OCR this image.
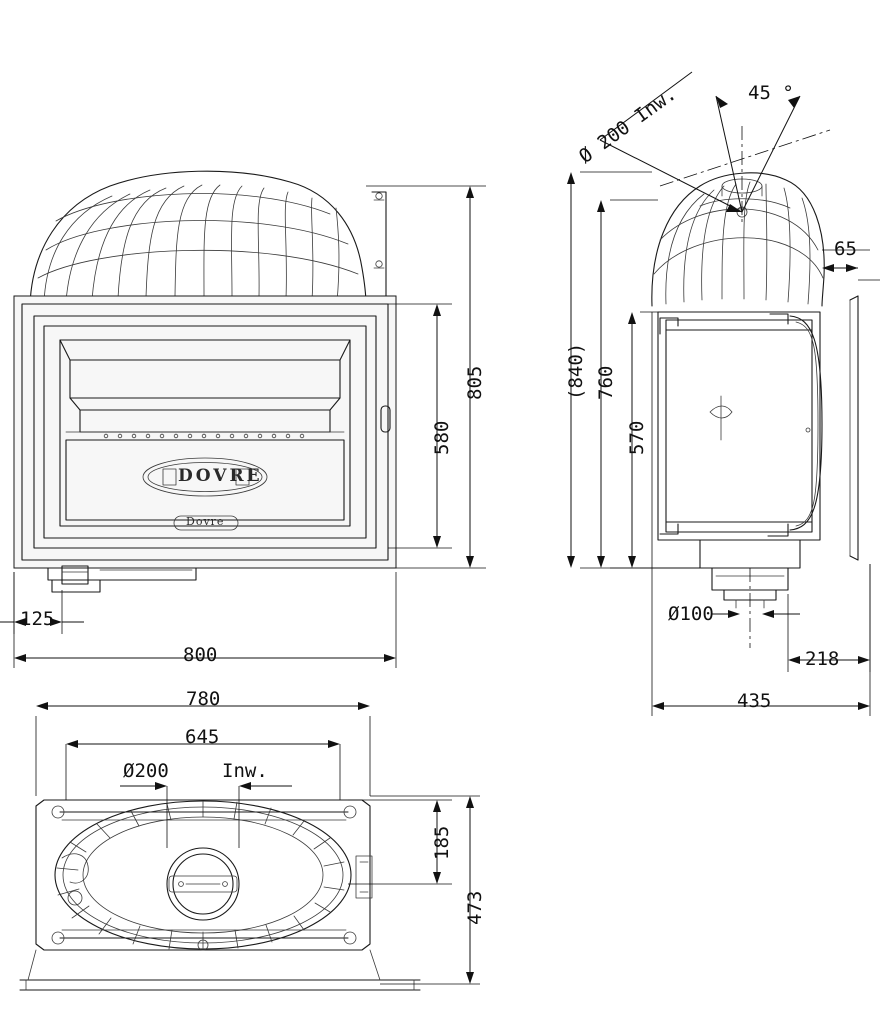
805
580
800
125
DOVRE
Dovre
Ø 200 Inw.	45 °
65
(840) 760
570
Ø100
218
435
780
645
Ø200	Inw.
185
473
